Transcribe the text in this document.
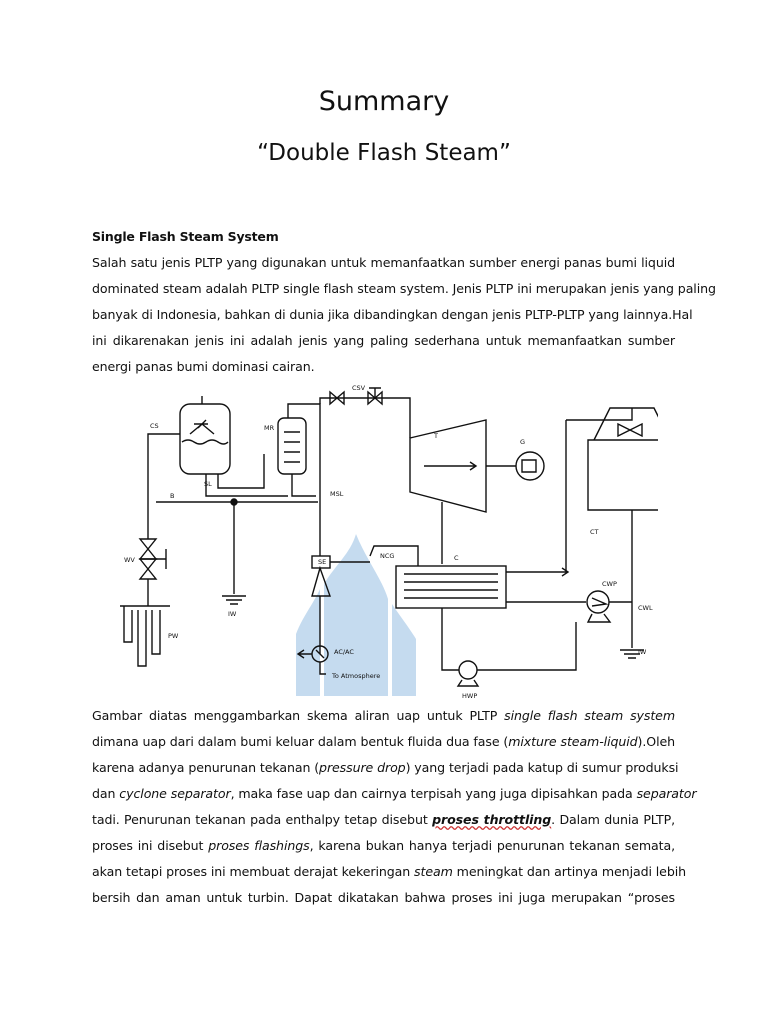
Summary
“Double Flash Steam”
Single Flash Steam System
Salah satu jenis PLTP yang digunakan untuk memanfaatkan sumber energi panas bumi liquid
dominated steam adalah PLTP single flash steam system. Jenis PLTP ini merupakan jenis yang paling
banyak di Indonesia, bahkan di dunia jika dibandingkan dengan jenis PLTP-PLTP yang lainnya.Hal
ini dikarenakan jenis ini adalah jenis yang paling sederhana untuk memanfaatkan sumber
energi panas bumi dominasi cairan.
CS	MR
CSV
T
G
MSL
SL
B
WV
IW
PW
SE
NCG	C
CT
CWP
CWL
IW
AC/AC
To Atmosphere
HWP
Gambar diatas menggambarkan skema aliran uap untuk PLTP single flash steam system
dimana uap dari dalam bumi keluar dalam bentuk fluida dua fase (mixture steam-liquid).Oleh
karena adanya penurunan tekanan (pressure drop) yang terjadi pada katup di sumur produksi
dan cyclone separator, maka fase uap dan cairnya terpisah yang juga dipisahkan pada separator
tadi. Penurunan tekanan pada enthalpy tetap disebut proses throttling. Dalam dunia PLTP,
proses ini disebut proses flashings, karena bukan hanya terjadi penurunan tekanan semata,
akan tetapi proses ini membuat derajat kekeringan steam meningkat dan artinya menjadi lebih
bersih dan aman untuk turbin. Dapat dikatakan bahwa proses ini juga merupakan “proses
